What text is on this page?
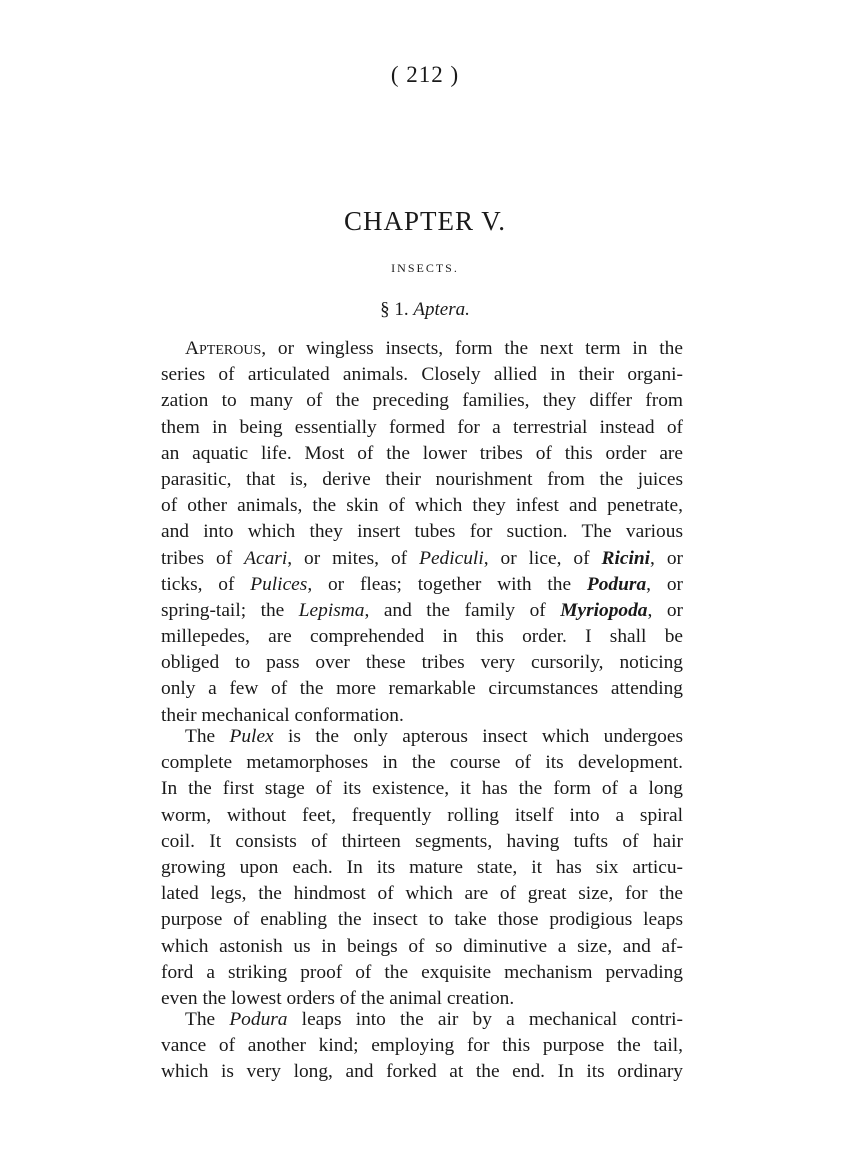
( 212 )
CHAPTER V.
INSECTS.
§ 1. Aptera.
Apterous, or wingless insects, form the next term in the
series of articulated animals. Closely allied in their organi-
zation to many of the preceding families, they differ from
them in being essentially formed for a terrestrial instead of
an aquatic life. Most of the lower tribes of this order are
parasitic, that is, derive their nourishment from the juices
of other animals, the skin of which they infest and penetrate,
and into which they insert tubes for suction. The various
tribes of Acari, or mites, of Pediculi, or lice, of Ricini, or
ticks, of Pulices, or fleas; together with the Podura, or
spring-tail; the Lepisma, and the family of Myriopoda, or
millepedes, are comprehended in this order. I shall be
obliged to pass over these tribes very cursorily, noticing
only a few of the more remarkable circumstances attending
their mechanical conformation.
The Pulex is the only apterous insect which undergoes
complete metamorphoses in the course of its development.
In the first stage of its existence, it has the form of a long
worm, without feet, frequently rolling itself into a spiral
coil. It consists of thirteen segments, having tufts of hair
growing upon each. In its mature state, it has six articu-
lated legs, the hindmost of which are of great size, for the
purpose of enabling the insect to take those prodigious leaps
which astonish us in beings of so diminutive a size, and af-
ford a striking proof of the exquisite mechanism pervading
even the lowest orders of the animal creation.
The Podura leaps into the air by a mechanical contri-
vance of another kind; employing for this purpose the tail,
which is very long, and forked at the end. In its ordinary
